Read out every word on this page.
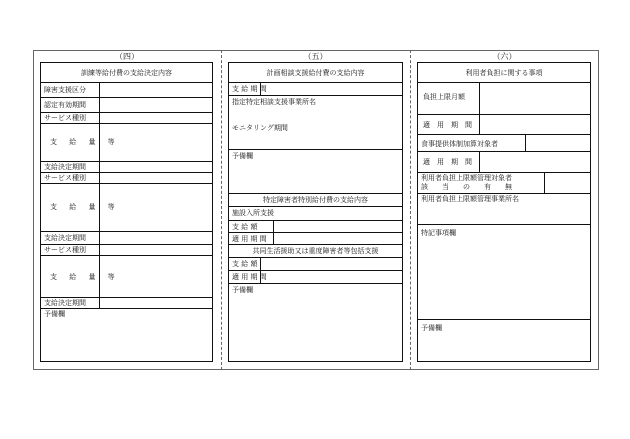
（四）
訓練等給付費の支給決定内容
障害支援区分
認定有効期間
サービス種別
支 給 量 等
支給決定期間
サービス種別
支 給 量 等
支給決定期間
サービス種別
支 給 量 等
支給決定期間
予備欄
（五）
計画相談支援給付費の支給内容
支 給 期 間
指定特定相談支援事業所名
モニタリング期間
予備欄
特定障害者特別給付費の支給内容
施設入所支援
支 給 額
適 用 期 間
共同生活援助又は重度障害者等包括支援
支 給 額
適 用 期 間
予備欄
（六）
利用者負担に関する事項
負担上限月額
適　用　期　間
食事提供体制加算対象者
適　用　期　間
利用者負担上限額管理対象者
該　　当　　の　　有　　無
利用者負担上限額管理事業所名
特記事項欄
予備欄
